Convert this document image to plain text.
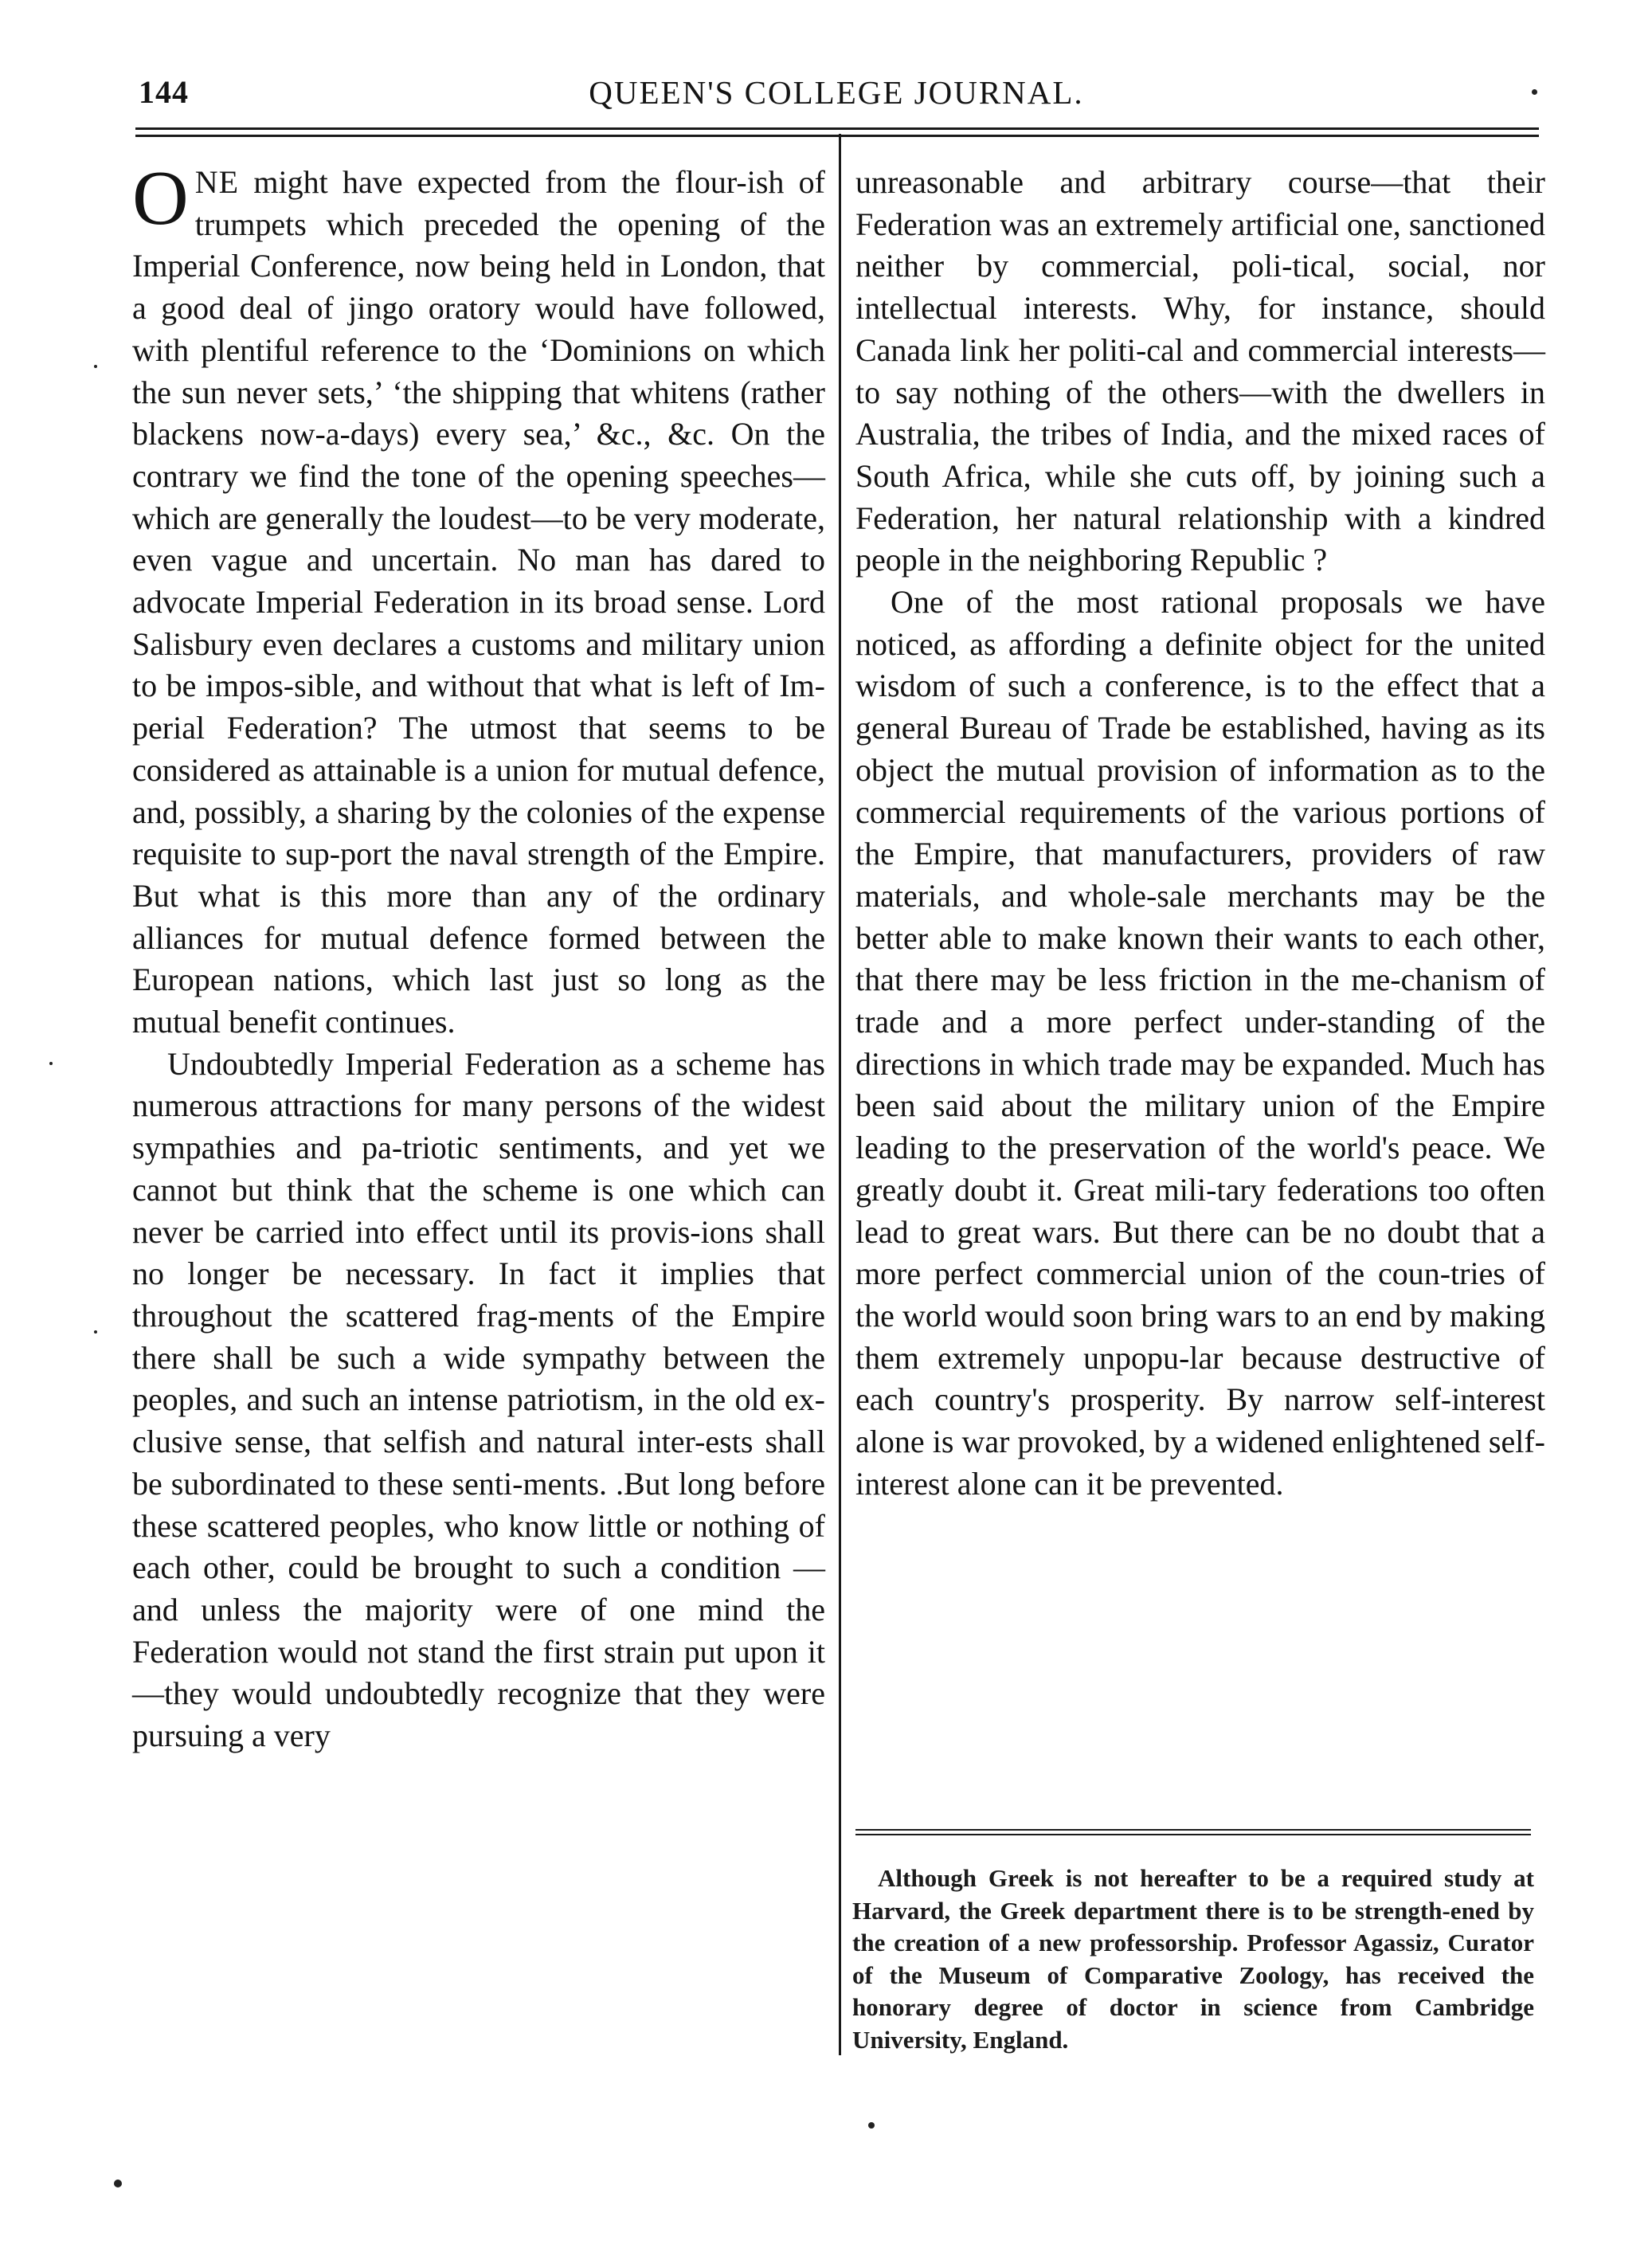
144	QUEEN'S COLLEGE JOURNAL.

ONE might have expected from the flour-ish of trumpets which preceded the opening of the Imperial Conference, now being held in London, that a good deal of jingo oratory would have followed, with plentiful reference to the ‘Dominions on which the sun never sets,’ ‘the shipping that whitens (rather blackens now-a-days) every sea,’ &c., &c. On the contrary we find the tone of the opening speeches—which are generally the loudest—to be very moderate, even vague and uncertain. No man has dared to advocate Imperial Federation in its broad sense. Lord Salisbury even declares a customs and military union to be impos-sible, and without that what is left of Im-perial Federation? The utmost that seems to be considered as attainable is a union for mutual defence, and, possibly, a sharing by the colonies of the expense requisite to sup-port the naval strength of the Empire. But what is this more than any of the ordinary alliances for mutual defence formed between the European nations, which last just so long as the mutual benefit continues.

Undoubtedly Imperial Federation as a scheme has numerous attractions for many persons of the widest sympathies and pa-triotic sentiments, and yet we cannot but think that the scheme is one which can never be carried into effect until its provis-ions shall no longer be necessary. In fact it implies that throughout the scattered frag-ments of the Empire there shall be such a wide sympathy between the peoples, and such an intense patriotism, in the old ex-clusive sense, that selfish and natural inter-ests shall be subordinated to these senti-ments. .But long before these scattered peoples, who know little or nothing of each other, could be brought to such a condition —and unless the majority were of one mind the Federation would not stand the first strain put upon it—they would undoubtedly recognize that they were pursuing a very

unreasonable and arbitrary course—that their Federation was an extremely artificial one, sanctioned neither by commercial, poli-tical, social, nor intellectual interests. Why, for instance, should Canada link her politi-cal and commercial interests—to say nothing of the others—with the dwellers in Australia, the tribes of India, and the mixed races of South Africa, while she cuts off, by joining such a Federation, her natural relationship with a kindred people in the neighboring Republic ?

One of the most rational proposals we have noticed, as affording a definite object for the united wisdom of such a conference, is to the effect that a general Bureau of Trade be established, having as its object the mutual provision of information as to the commercial requirements of the various portions of the Empire, that manufacturers, providers of raw materials, and whole-sale merchants may be the better able to make known their wants to each other, that there may be less friction in the me-chanism of trade and a more perfect under-standing of the directions in which trade may be expanded. Much has been said about the military union of the Empire leading to the preservation of the world's peace. We greatly doubt it. Great mili-tary federations too often lead to great wars. But there can be no doubt that a more perfect commercial union of the coun-tries of the world would soon bring wars to an end by making them extremely unpopu-lar because destructive of each country's prosperity. By narrow self-interest alone is war provoked, by a widened enlightened self-interest alone can it be prevented.

Although Greek is not hereafter to be a required study at Harvard, the Greek department there is to be strength-ened by the creation of a new professorship. Professor Agassiz, Curator of the Museum of Comparative Zoology, has received the honorary degree of doctor in science from Cambridge University, England.
